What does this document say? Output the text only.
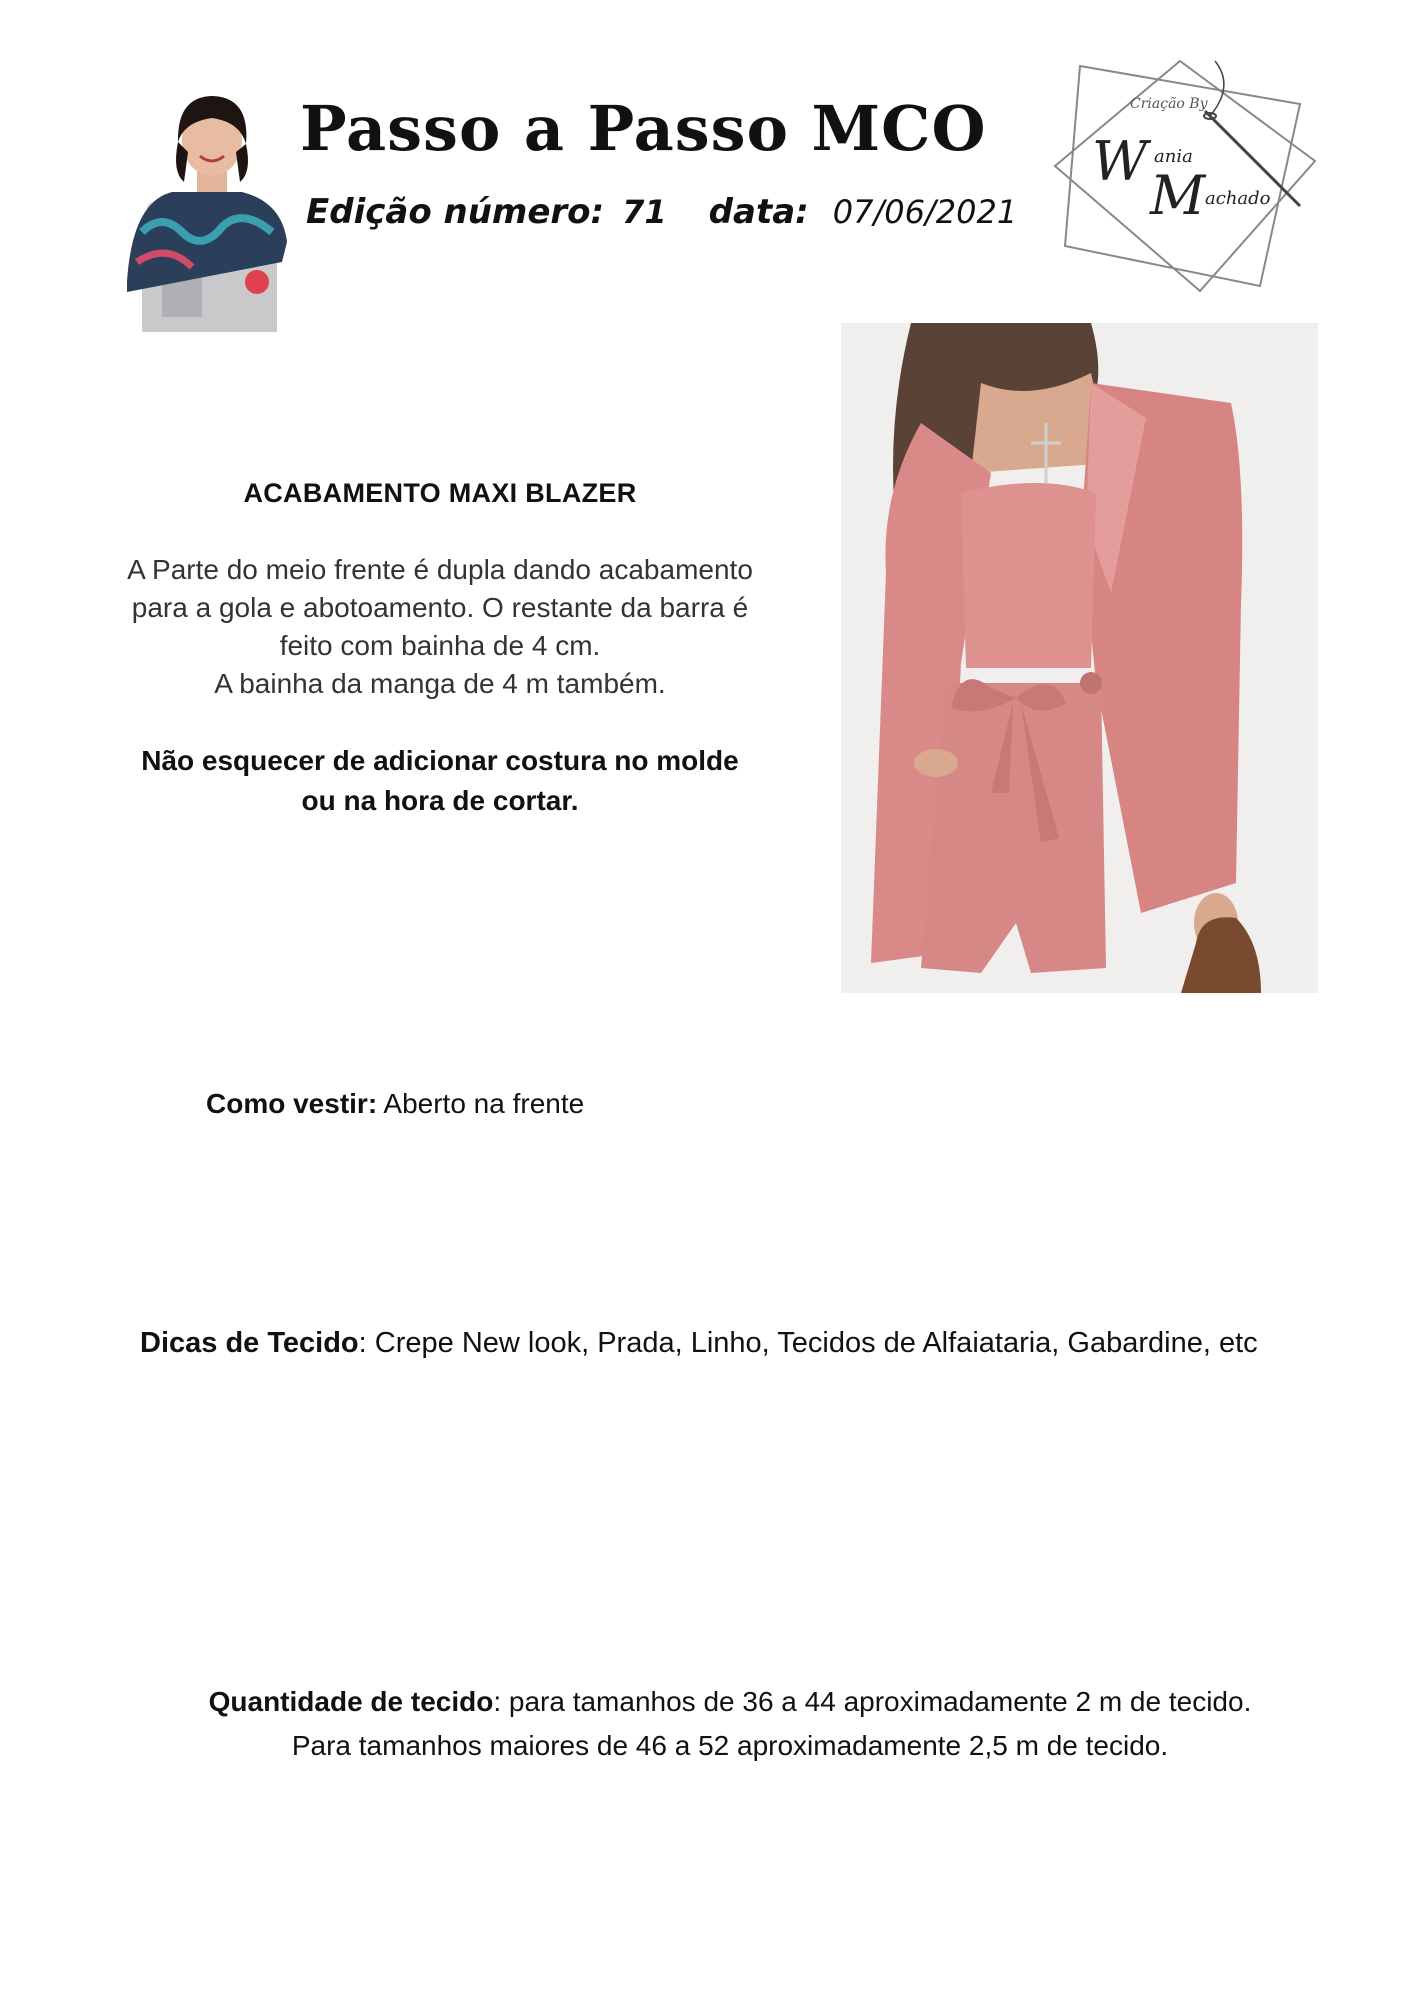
Passo a Passo MCO
Edição número: 71 data: 07/06/2021
Criação By
W ania
M achado
ACABAMENTO MAXI BLAZER

A Parte do meio frente é dupla dando acabamento

para a gola e abotoamento. O restante da barra é

feito com bainha de 4 cm.

A bainha da manga de 4 m também.

Não esquecer de adicionar costura no molde
ou na hora de cortar.
Como vestir: Aberto na frente
Dicas de Tecido: Crepe New look, Prada, Linho, Tecidos de Alfaiataria, Gabardine, etc
Quantidade de tecido: para tamanhos de 36 a 44 aproximadamente 2 m de tecido.
Para tamanhos maiores de 46 a 52 aproximadamente 2,5 m de tecido.
